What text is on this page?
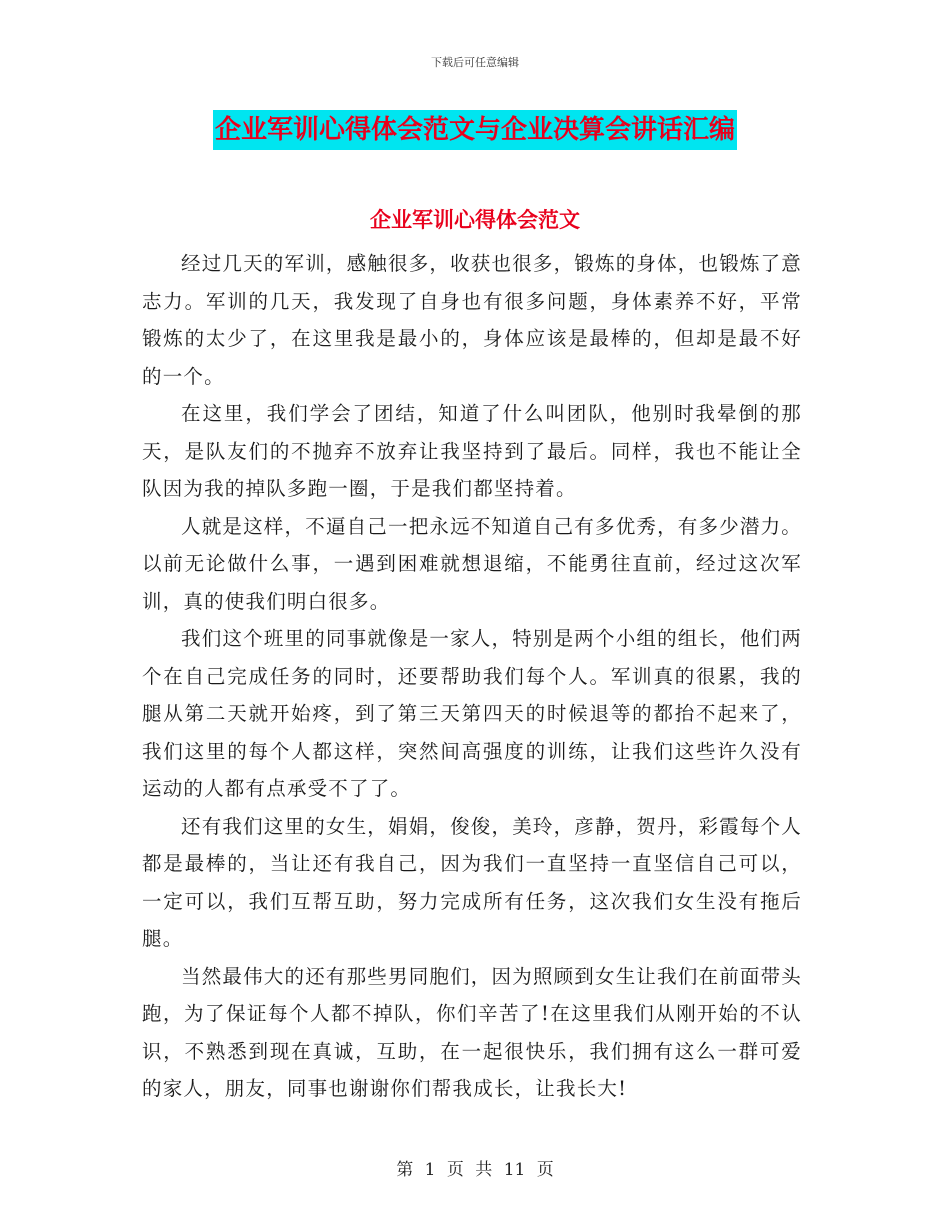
下载后可任意编辑
企业军训心得体会范文与企业决算会讲话汇编
企业军训心得体会范文

经过几天的军训，感触很多，收获也很多，锻炼的身体，也锻炼了意志力。军训的几天，我发现了自身也有很多问题，身体素养不好，平常锻炼的太少了，在这里我是最小的，身体应该是最棒的，但却是最不好的一个。

在这里，我们学会了团结，知道了什么叫团队，他别时我晕倒的那天，是队友们的不抛弃不放弃让我坚持到了最后。同样，我也不能让全队因为我的掉队多跑一圈，于是我们都坚持着。

人就是这样，不逼自己一把永远不知道自己有多优秀，有多少潜力。以前无论做什么事，一遇到困难就想退缩，不能勇往直前，经过这次军训，真的使我们明白很多。

我们这个班里的同事就像是一家人，特别是两个小组的组长，他们两个在自己完成任务的同时，还要帮助我们每个人。军训真的很累，我的腿从第二天就开始疼，到了第三天第四天的时候退等的都抬不起来了，我们这里的每个人都这样，突然间高强度的训练，让我们这些许久没有运动的人都有点承受不了了。

还有我们这里的女生，娟娟，俊俊，美玲，彦静，贺丹，彩霞每个人都是最棒的，当让还有我自己，因为我们一直坚持一直坚信自己可以，一定可以，我们互帮互助，努力完成所有任务，这次我们女生没有拖后腿。

当然最伟大的还有那些男同胞们，因为照顾到女生让我们在前面带头跑，为了保证每个人都不掉队，你们辛苦了!在这里我们从刚开始的不认识，不熟悉到现在真诚，互助，在一起很快乐，我们拥有这么一群可爱的家人，朋友，同事也谢谢你们帮我成长，让我长大!

第 1 页 共 11 页
